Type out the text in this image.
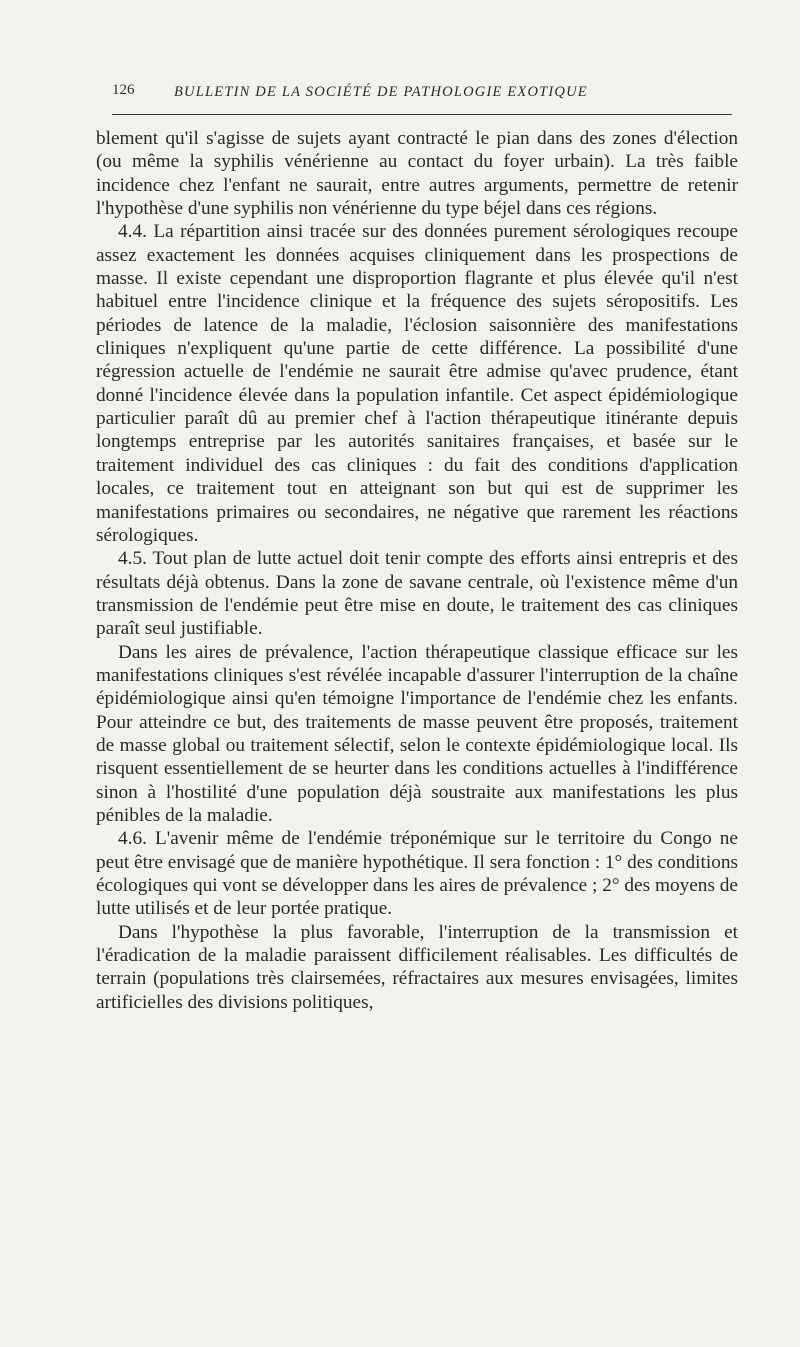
126	BULLETIN DE LA SOCIÉTÉ DE PATHOLOGIE EXOTIQUE

blement qu'il s'agisse de sujets ayant contracté le pian dans des zones d'élection (ou même la syphilis vénérienne au contact du foyer urbain). La très faible incidence chez l'enfant ne saurait, entre autres arguments, permettre de retenir l'hypothèse d'une syphilis non vénérienne du type béjel dans ces régions.

4.4. La répartition ainsi tracée sur des données purement sérologiques recoupe assez exactement les données acquises cliniquement dans les prospections de masse. Il existe cependant une disproportion flagrante et plus élevée qu'il n'est habituel entre l'incidence clinique et la fréquence des sujets séropositifs. Les périodes de latence de la maladie, l'éclosion saisonnière des manifestations cliniques n'expliquent qu'une partie de cette différence. La possibilité d'une régression actuelle de l'endémie ne saurait être admise qu'avec prudence, étant donné l'incidence élevée dans la population infantile. Cet aspect épidémiologique particulier paraît dû au premier chef à l'action thérapeutique itinérante depuis longtemps entreprise par les autorités sanitaires françaises, et basée sur le traitement individuel des cas cliniques : du fait des conditions d'application locales, ce traitement tout en atteignant son but qui est de supprimer les manifestations primaires ou secondaires, ne négative que rarement les réactions sérologiques.

4.5. Tout plan de lutte actuel doit tenir compte des efforts ainsi entrepris et des résultats déjà obtenus. Dans la zone de savane centrale, où l'existence même d'un transmission de l'endémie peut être mise en doute, le traitement des cas cliniques paraît seul justifiable.

Dans les aires de prévalence, l'action thérapeutique classique efficace sur les manifestations cliniques s'est révélée incapable d'assurer l'interruption de la chaîne épidémiologique ainsi qu'en témoigne l'importance de l'endémie chez les enfants. Pour atteindre ce but, des traitements de masse peuvent être proposés, traitement de masse global ou traitement sélectif, selon le contexte épidémiologique local. Ils risquent essentiellement de se heurter dans les conditions actuelles à l'indifférence sinon à l'hostilité d'une population déjà soustraite aux manifestations les plus pénibles de la maladie.

4.6. L'avenir même de l'endémie tréponémique sur le territoire du Congo ne peut être envisagé que de manière hypothétique. Il sera fonction : 1° des conditions écologiques qui vont se développer dans les aires de prévalence ; 2° des moyens de lutte utilisés et de leur portée pratique.

Dans l'hypothèse la plus favorable, l'interruption de la transmission et l'éradication de la maladie paraissent difficilement réalisables. Les difficultés de terrain (populations très clairsemées, réfractaires aux mesures envisagées, limites artificielles des divisions politiques,
